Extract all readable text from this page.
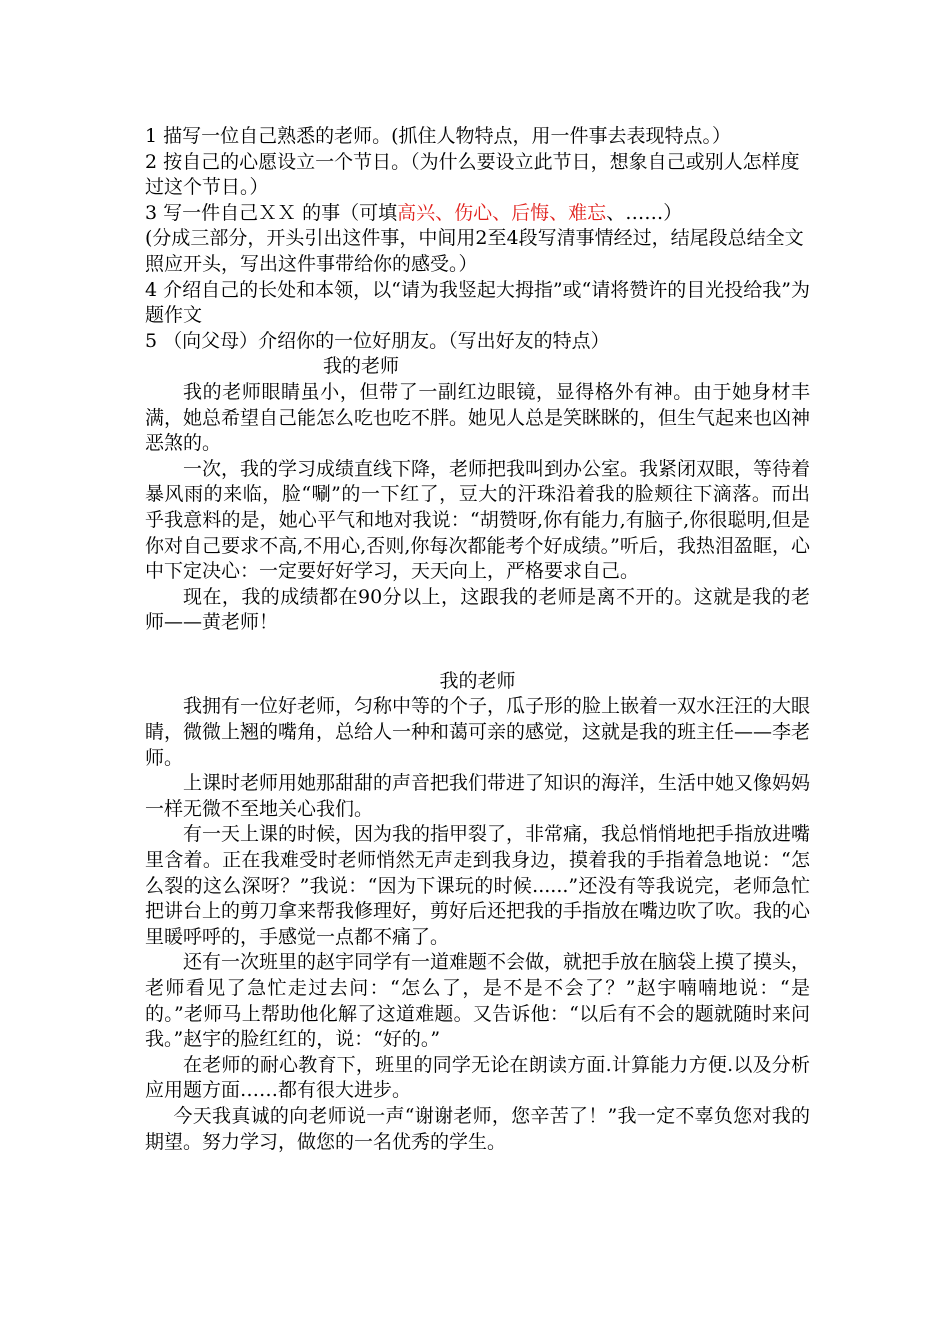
1 描写一位自己熟悉的老师。(抓住人物特点，用一件事去表现特点。）

2 按自己的心愿设立一个节日。（为什么要设立此节日，想象自己或别人怎样度过这个节日。）

3 写一件自己ＸＸ 的事（可填高兴、伤心、后悔、难忘、……）

(分成三部分，开头引出这件事，中间用2至4段写清事情经过，结尾段总结全文照应开头，写出这件事带给你的感受。）

4 介绍自己的长处和本领，以“请为我竖起大拇指”或“请将赞许的目光投给我”为题作文

5 （向父母）介绍你的一位好朋友。（写出好友的特点）

我的老师

我的老师眼睛虽小，但带了一副红边眼镜，显得格外有神。由于她身材丰满，她总希望自己能怎么吃也吃不胖。她见人总是笑眯眯的，但生气起来也凶神恶煞的。

一次，我的学习成绩直线下降，老师把我叫到办公室。我紧闭双眼，等待着暴风雨的来临，脸“唰”的一下红了，豆大的汗珠沿着我的脸颊往下滴落。而出乎我意料的是，她心平气和地对我说：“胡赞呀,你有能力,有脑子,你很聪明,但是你对自己要求不高,不用心,否则,你每次都能考个好成绩。”听后，我热泪盈眶，心中下定决心：一定要好好学习，天天向上，严格要求自己。

现在，我的成绩都在90分以上，这跟我的老师是离不开的。这就是我的老师——黄老师！

我的老师

我拥有一位好老师，匀称中等的个子，瓜子形的脸上嵌着一双水汪汪的大眼睛，微微上翘的嘴角，总给人一种和蔼可亲的感觉，这就是我的班主任——李老师。

上课时老师用她那甜甜的声音把我们带进了知识的海洋，生活中她又像妈妈一样无微不至地关心我们。

有一天上课的时候，因为我的指甲裂了，非常痛，我总悄悄地把手指放进嘴里含着。正在我难受时老师悄然无声走到我身边，摸着我的手指着急地说：“怎么裂的这么深呀？”我说：“因为下课玩的时候......”还没有等我说完，老师急忙把讲台上的剪刀拿来帮我修理好，剪好后还把我的手指放在嘴边吹了吹。我的心里暖呼呼的，手感觉一点都不痛了。

还有一次班里的赵宇同学有一道难题不会做，就把手放在脑袋上摸了摸头，老师看见了急忙走过去问：“怎么了，是不是不会了？”赵宇喃喃地说：“是的。”老师马上帮助他化解了这道难题。又告诉他：“以后有不会的题就随时来问我。”赵宇的脸红红的，说：“好的。”

在老师的耐心教育下，班里的同学无论在朗读方面.计算能力方便.以及分析应用题方面……都有很大进步。

今天我真诚的向老师说一声“谢谢老师，您辛苦了！”我一定不辜负您对我的期望。努力学习，做您的一名优秀的学生。
